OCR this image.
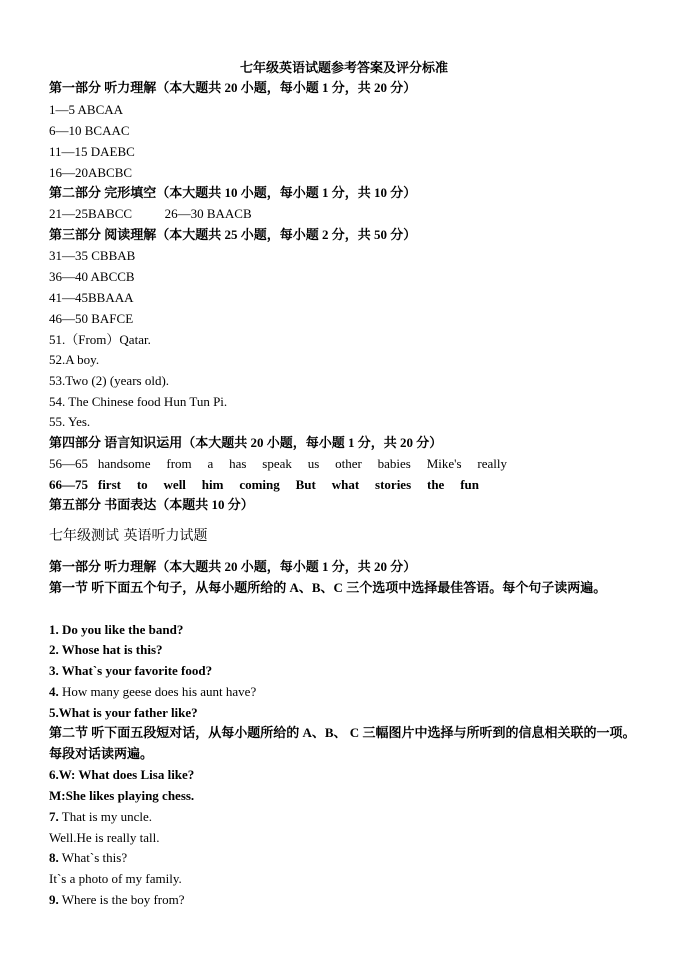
七年级英语试题参考答案及评分标准
第一部分 听力理解（本大题共 20 小题，每小题 1 分，共 20 分）
1—5 ABCAA
6—10 BCAAC
11—15 DAEBC
16—20ABCBC
第二部分 完形填空（本大题共 10 小题，每小题 1 分，共 10 分）
21—25BABCC	26—30 BAACB
第三部分 阅读理解（本大题共 25 小题，每小题 2 分，共 50 分）
31—35 CBBAB
36—40 ABCCB
41—45BBAAA
46—50 BAFCE
51.（From）Qatar.
52.A boy.
53.Two (2) (years old).
54. The Chinese food Hun Tun Pi.
55. Yes.
第四部分 语言知识运用（本大题共 20 小题，每小题 1 分，共 20 分）
56—65 handsome from a has speak us other babies Mike's really
66—75 first to well him coming But what stories the fun
第五部分 书面表达（本题共 10 分）
七年级测试 英语听力试题
第一部分 听力理解（本大题共 20 小题，每小题 1 分，共 20 分）
第一节 听下面五个句子，从每小题所给的 A、B、C 三个选项中选择最佳答语。每个句子读两遍。
1. Do you like the band?
2. Whose hat is this?
3. What`s your favorite food?
4. How many geese does his aunt have?
5.What is your father like?
第二节 听下面五段短对话，从每小题所给的 A、B、 C 三幅图片中选择与所听到的信息相关联的一项。每段对话读两遍。
6.W: What does Lisa like?
M:She likes playing chess.
7. That is my uncle.
Well.He is really tall.
8. What`s this?
It`s a photo of my family.
9. Where is the boy from?
